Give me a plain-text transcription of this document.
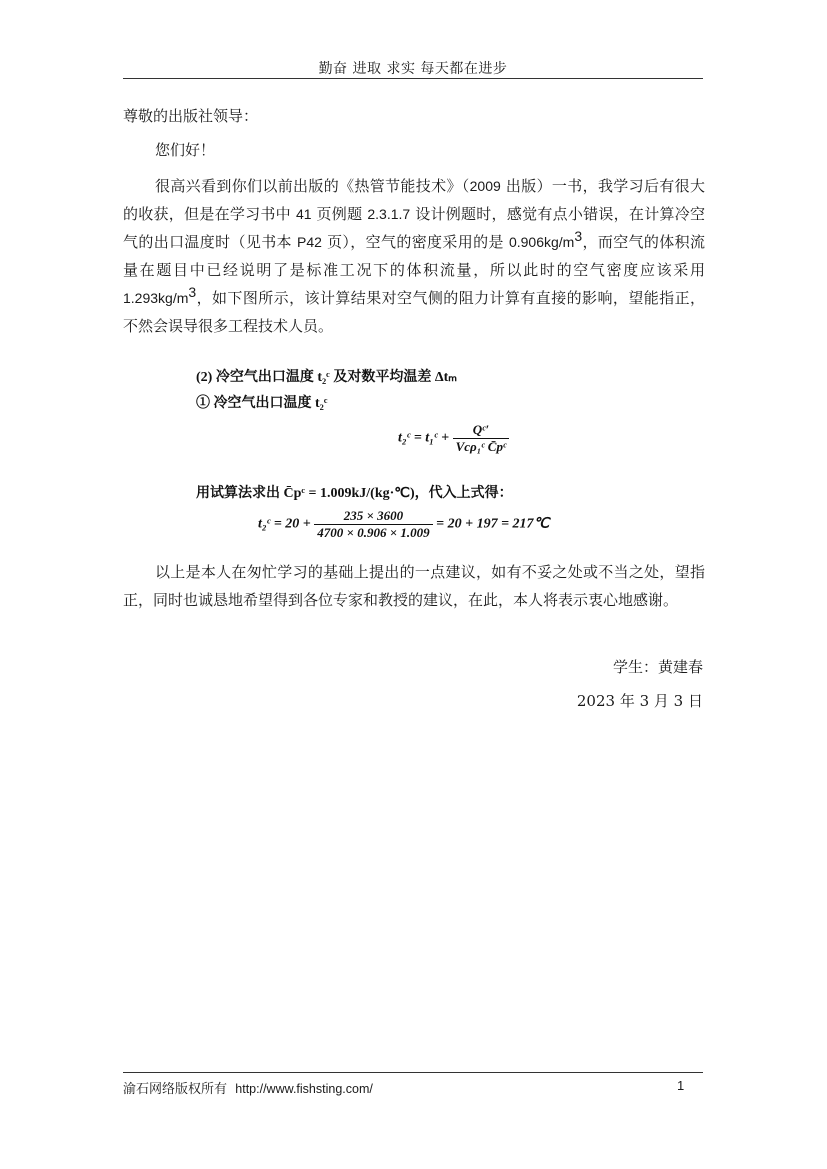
勤奋 进取 求实 每天都在进步
尊敬的出版社领导：
您们好！

很高兴看到你们以前出版的《热管节能技术》（2009 出版）一书，我学习后有很大的收获，但是在学习书中 41 页例题 2.3.1.7 设计例题时，感觉有点小错误，在计算冷空气的出口温度时（见书本 P42 页），空气的密度采用的是 $0.906kg/m^3$，而空气的体积流量在题目中已经说明了是标准工况下的体积流量，所以此时的空气密度应该采用 $1.293kg/m^3$，如下图所示，该计算结果对空气侧的阻力计算有直接的影响，望能指正，不然会误导很多工程技术人员。

(2) 冷空气出口温度 t₂ᶜ 及对数平均温差 Δtₘ
① 冷空气出口温度 t₂ᶜ
t₂ᶜ = t₁ᶜ + $\frac{\text{Qᶜ′}}{\text{Vcρ₁ᶜ C̄pᶜ}}$
用试算法求出 C̄pᶜ = 1.009kJ/(kg·℃)，代入上式得：
t₂ᶜ = $20 + \frac{235 \times 3600}{4700 \times 0.906 \times 1.009} = 20 + 197$ = 217℃
以上是本人在匆忙学习的基础上提出的一点建议，如有不妥之处或不当之处，望指正，同时也诚恳地希望得到各位专家和教授的建议，在此，本人将表示衷心地感谢。
学生：黄建春
2023 年 3 月 3 日
渝石网络版权所有 http://www.fishsting.com/	1
